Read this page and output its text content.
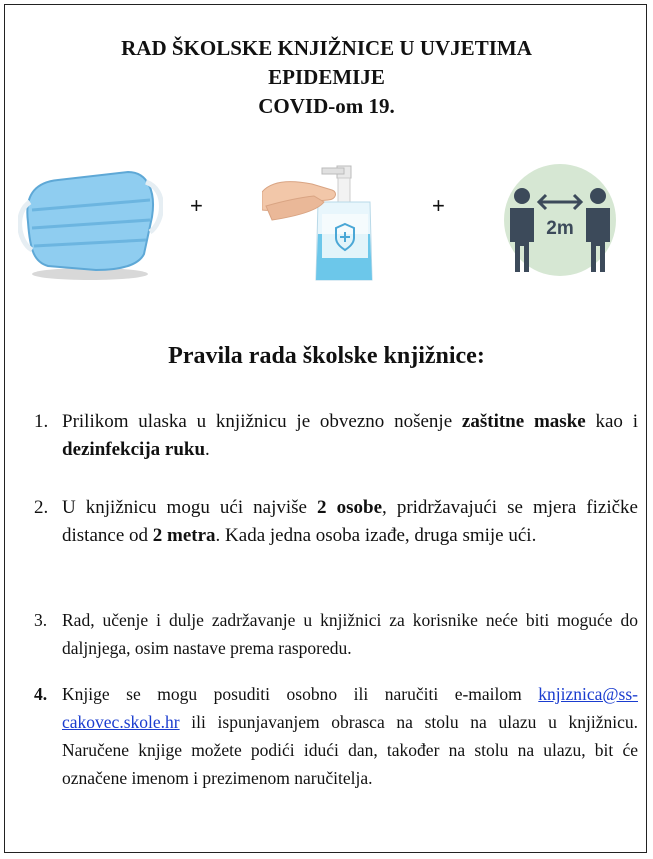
RAD ŠKOLSKE KNJIŽNICE U UVJETIMA
EPIDEMIJE
COVID-om 19.
+	+
2m
Pravila rada školske knjižnice:
1. Prilikom ulaska u knjižnicu je obvezno nošenje zaštitne maske kao i dezinfekcija ruku.
2. U knjižnicu mogu ući najviše 2 osobe, pridržavajući se mjera fizičke distance od 2 metra. Kada jedna osoba izađe, druga smije ući.
3. Rad, učenje i dulje zadržavanje u knjižnici za korisnike neće biti moguće do daljnjega, osim nastave prema rasporedu.
4. Knjige se mogu posuditi osobno ili naručiti e-mailom knjiznica@ss-cakovec.skole.hr ili ispunjavanjem obrasca na stolu na ulazu u knjižnicu. Naručene knjige možete podići idući dan, također na stolu na ulazu, bit će označene imenom i prezimenom naručitelja.
